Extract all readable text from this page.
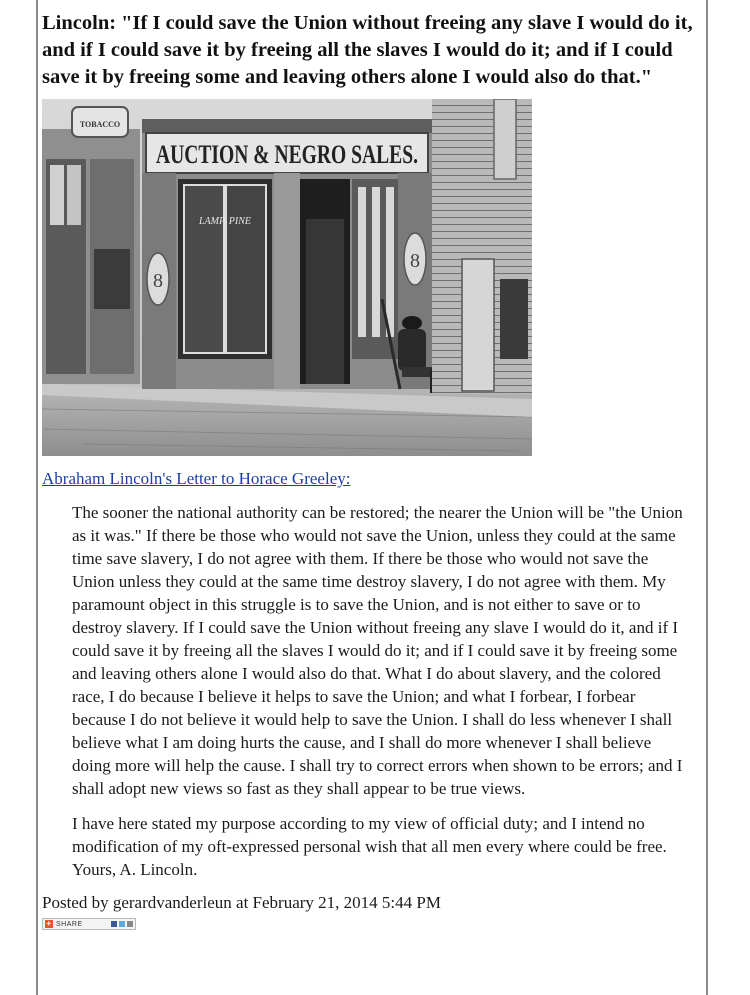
Lincoln: "If I could save the Union without freeing any slave I would do it, and if I could save it by freeing all the slaves I would do it; and if I could save it by freeing some and leaving others alone I would also do that."
TOBACCO
AUCTION & NEGRO SALES.
LAMP. PINE
8
8
Abraham Lincoln's Letter to Horace Greeley:

The sooner the national authority can be restored; the nearer the Union will be "the Union as it was." If there be those who would not save the Union, unless they could at the same time save slavery, I do not agree with them. If there be those who would not save the Union unless they could at the same time destroy slavery, I do not agree with them. My paramount object in this struggle is to save the Union, and is not either to save or to destroy slavery. If I could save the Union without freeing any slave I would do it, and if I could save it by freeing all the slaves I would do it; and if I could save it by freeing some and leaving others alone I would also do that. What I do about slavery, and the colored race, I do because I believe it helps to save the Union; and what I forbear, I forbear because I do not believe it would help to save the Union. I shall do less whenever I shall believe what I am doing hurts the cause, and I shall do more whenever I shall believe doing more will help the cause. I shall try to correct errors when shown to be errors; and I shall adopt new views so fast as they shall appear to be true views.

I have here stated my purpose according to my view of official duty; and I intend no modification of my oft-expressed personal wish that all men every where could be free. Yours, A. Lincoln.

Posted by gerardvanderleun at February 21, 2014 5:44 PM
+ SHARE
